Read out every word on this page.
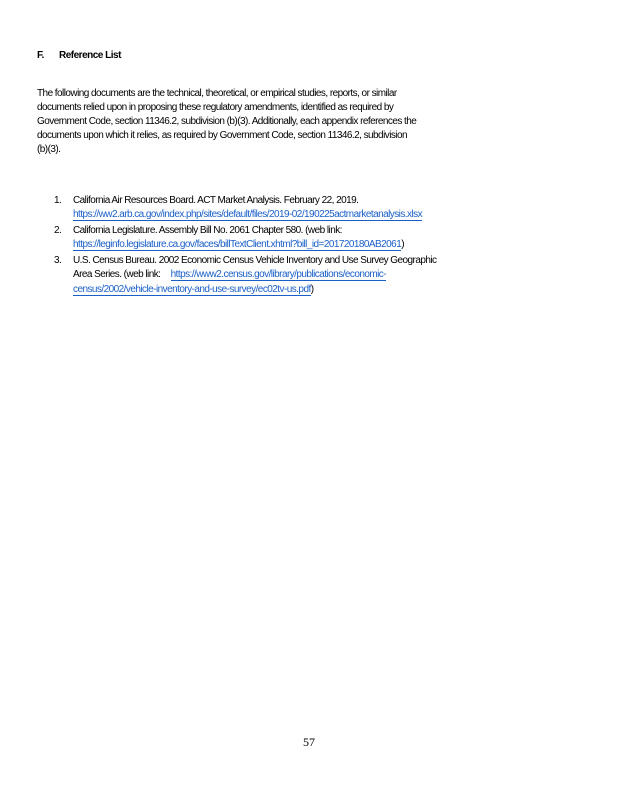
F. Reference List
The following documents are the technical, theoretical, or empirical studies, reports, or similar
documents relied upon in proposing these regulatory amendments, identified as required by
Government Code, section 11346.2, subdivision (b)(3). Additionally, each appendix references the
documents upon which it relies, as required by Government Code, section 11346.2, subdivision
(b)(3).
1. California Air Resources Board. ACT Market Analysis. February 22, 2019.
https://ww2.arb.ca.gov/index.php/sites/default/files/2019-02/190225actmarketanalysis.xlsx
2. California Legislature. Assembly Bill No. 2061 Chapter 580. (web link:
https://leginfo.legislature.ca.gov/faces/billTextClient.xhtml?bill_id=201720180AB2061)
3. U.S. Census Bureau. 2002 Economic Census Vehicle Inventory and Use Survey Geographic
Area Series. (web link: https://www2.census.gov/library/publications/economic-
census/2002/vehicle-inventory-and-use-survey/ec02tv-us.pdf)
57
